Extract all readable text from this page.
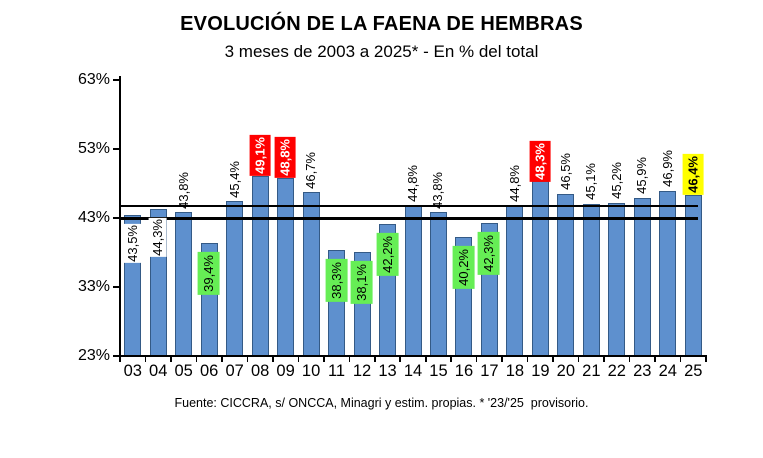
EVOLUCIÓN DE LA FAENA DE HEMBRAS
3 meses de 2003 a 2025* - En % del total
63%
53%
43%
33%
23%
03 04 05 06 07 08 09 10 11 12 13 14 15 16 17 18 19 20 21 22 23 24 25
43,5% 44,3%
43,8%
39,4%
45,4%
49,1% 48,8% 46,7%
38,3% 38,1%
42,2%
44,8% 43,8%
40,2% 42,3%
44,8%
48,3% 46,5% 45,1% 45,2% 45,9% 46,9% 46,4%
Fuente: CICCRA, s/ ONCCA, Minagri y estim. propias. * '23/'25  provisorio.
